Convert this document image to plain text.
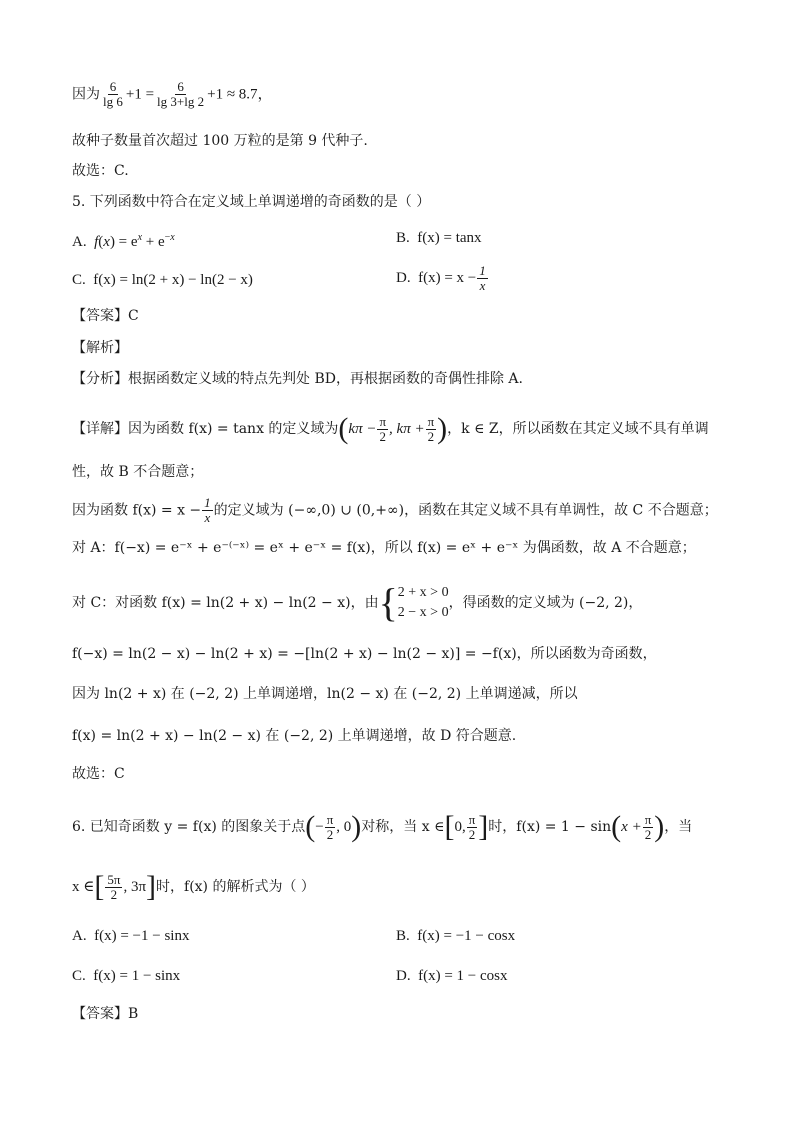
因为 $\frac{6}{\lg 6} +1 = \frac{6}{\lg 3+\lg 2} +1 \approx 8.7$，
故种子数量首次超过 100 万粒的是第 9 代种子.
故选：C.
5. 下列函数中符合在定义域上单调递增的奇函数的是（ ）
A. $f(x) = e^x + e^{-x}$	B. f(x) = tanx
C. f(x) = ln(2 + x) − ln(2 − x)	D. $f(x) = x - \frac{1}{x}$
【答案】C
【解析】
【分析】根据函数定义域的特点先判处 BD，再根据函数的奇偶性排除 A.
【详解】因为函数 f(x) = tanx 的定义域为($k\pi - \frac{\pi}{2}$ , $k\pi + \frac{\pi}{2}$ )，k ∈ Z，所以函数在其定义域不具有单调
性，故 B 不合题意；
因为函数 $f(x) = x - \frac{1}{x}$ 的定义域为 (−∞,0) ∪ (0,+∞)，函数在其定义域不具有单调性，故 C 不合题意；
对 A：f(−x) = e⁻ˣ + e⁻⁽⁻ˣ⁾ = eˣ + e⁻ˣ = f(x)，所以 f(x) = eˣ + e⁻ˣ 为偶函数，故 A 不合题意；
对 C：对函数 f(x) = ln(2 + x) − ln(2 − x)，由 { 2 + x > 0
2 − x > 0
，得函数的定义域为 (−2, 2)，
f(−x) = ln(2 − x) − ln(2 + x) = −[ln(2 + x) − ln(2 − x)] = −f(x)，所以函数为奇函数，
因为 ln(2 + x) 在 (−2, 2) 上单调递增，ln(2 − x) 在 (−2, 2) 上单调递减，所以
f(x) = ln(2 + x) − ln(2 − x) 在 (−2, 2) 上单调递增，故 D 符合题意.
故选：C
6. 已知奇函数 y = f(x) 的图象关于点(− $\frac{\pi}{2}$ , 0)对称，当 x ∈[0, $\frac{\pi}{2}$ ]时，$f(x) = 1 - \sin(x + \frac{\pi}{2}$ )，当
x ∈[ $\frac{5\pi}{2}$ , 3π]时，f(x) 的解析式为（ ）
A. f(x) = −1 − sinx	B. f(x) = −1 − cosx
C. f(x) = 1 − sinx	D. f(x) = 1 − cosx
【答案】B
